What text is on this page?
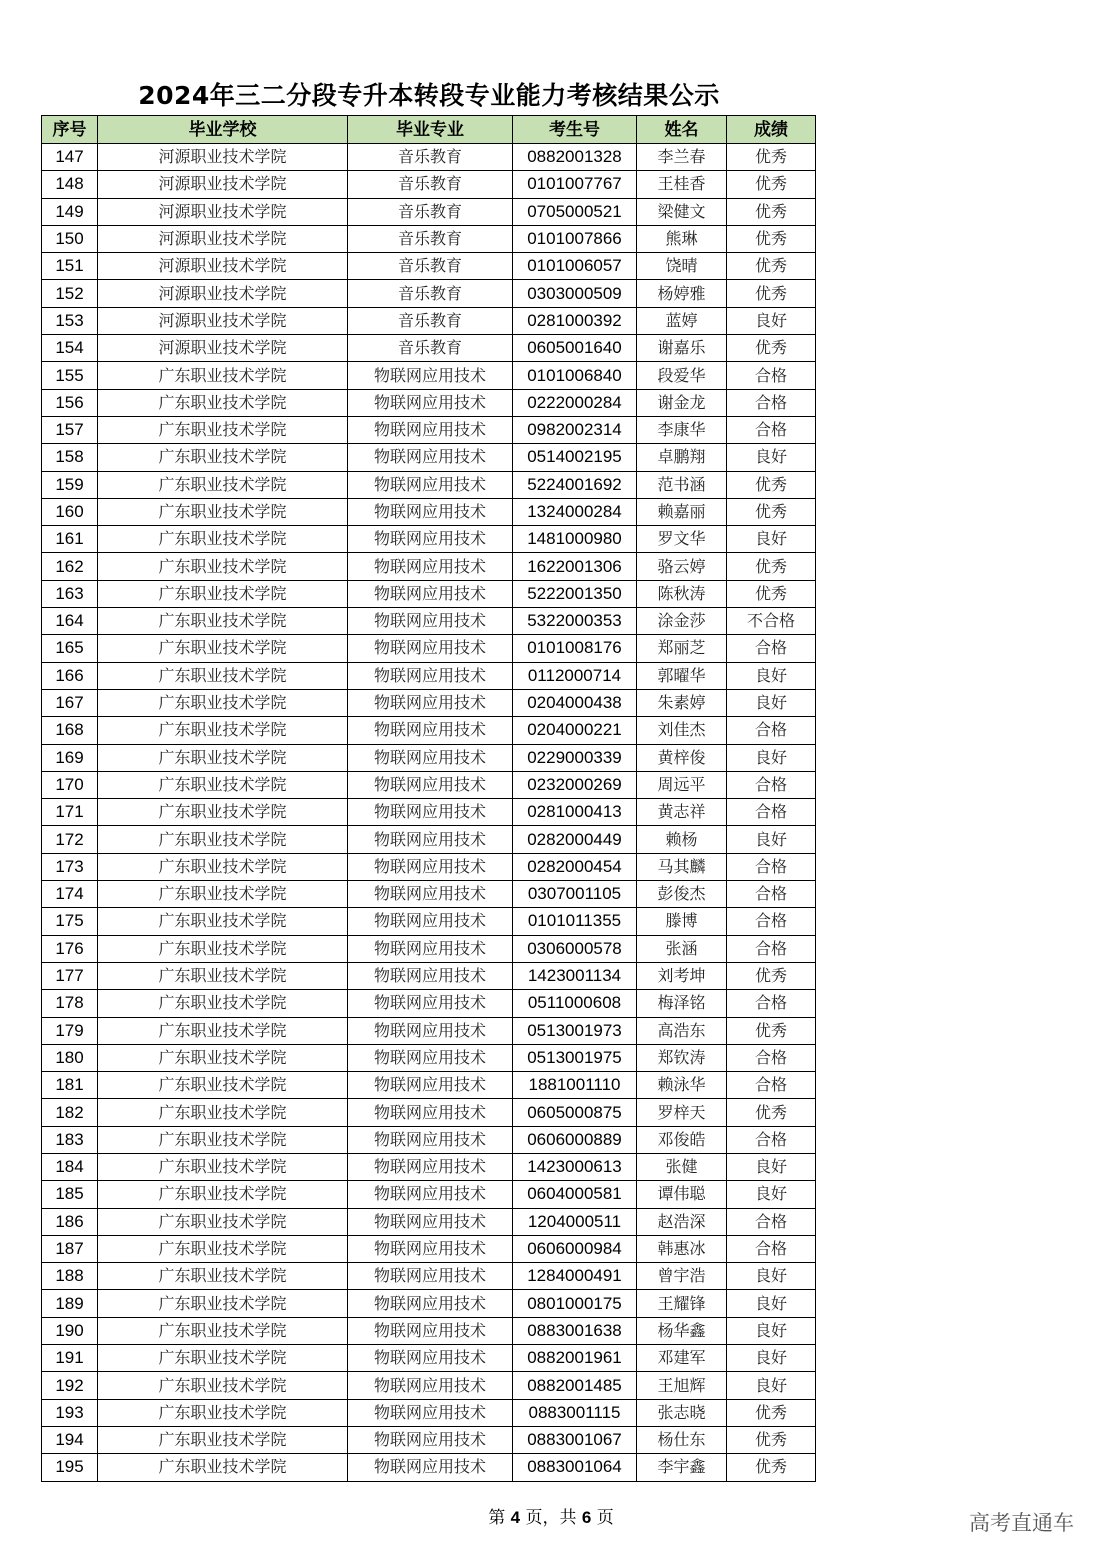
2024年三二分段专升本转段专业能力考核结果公示
序号	毕业学校	毕业专业	考生号	姓名	成绩
147	河源职业技术学院	音乐教育	0882001328	李兰春	优秀
148	河源职业技术学院	音乐教育	0101007767	王桂香	优秀
149	河源职业技术学院	音乐教育	0705000521	梁健文	优秀
150	河源职业技术学院	音乐教育	0101007866	熊琳	优秀
151	河源职业技术学院	音乐教育	0101006057	饶晴	优秀
152	河源职业技术学院	音乐教育	0303000509	杨婷雅	优秀
153	河源职业技术学院	音乐教育	0281000392	蓝婷	良好
154	河源职业技术学院	音乐教育	0605001640	谢嘉乐	优秀
155	广东职业技术学院	物联网应用技术	0101006840	段爱华	合格
156	广东职业技术学院	物联网应用技术	0222000284	谢金龙	合格
157	广东职业技术学院	物联网应用技术	0982002314	李康华	合格
158	广东职业技术学院	物联网应用技术	0514002195	卓鹏翔	良好
159	广东职业技术学院	物联网应用技术	5224001692	范书涵	优秀
160	广东职业技术学院	物联网应用技术	1324000284	赖嘉丽	优秀
161	广东职业技术学院	物联网应用技术	1481000980	罗文华	良好
162	广东职业技术学院	物联网应用技术	1622001306	骆云婷	优秀
163	广东职业技术学院	物联网应用技术	5222001350	陈秋涛	优秀
164	广东职业技术学院	物联网应用技术	5322000353	涂金莎	不合格
165	广东职业技术学院	物联网应用技术	0101008176	郑丽芝	合格
166	广东职业技术学院	物联网应用技术	0112000714	郭曜华	良好
167	广东职业技术学院	物联网应用技术	0204000438	朱素婷	良好
168	广东职业技术学院	物联网应用技术	0204000221	刘佳杰	合格
169	广东职业技术学院	物联网应用技术	0229000339	黄梓俊	良好
170	广东职业技术学院	物联网应用技术	0232000269	周远平	合格
171	广东职业技术学院	物联网应用技术	0281000413	黄志祥	合格
172	广东职业技术学院	物联网应用技术	0282000449	赖杨	良好
173	广东职业技术学院	物联网应用技术	0282000454	马其麟	合格
174	广东职业技术学院	物联网应用技术	0307001105	彭俊杰	合格
175	广东职业技术学院	物联网应用技术	0101011355	滕博	合格
176	广东职业技术学院	物联网应用技术	0306000578	张涵	合格
177	广东职业技术学院	物联网应用技术	1423001134	刘考坤	优秀
178	广东职业技术学院	物联网应用技术	0511000608	梅泽铭	合格
179	广东职业技术学院	物联网应用技术	0513001973	高浩东	优秀
180	广东职业技术学院	物联网应用技术	0513001975	郑钦涛	合格
181	广东职业技术学院	物联网应用技术	1881001110	赖泳华	合格
182	广东职业技术学院	物联网应用技术	0605000875	罗梓天	优秀
183	广东职业技术学院	物联网应用技术	0606000889	邓俊皓	合格
184	广东职业技术学院	物联网应用技术	1423000613	张健	良好
185	广东职业技术学院	物联网应用技术	0604000581	谭伟聪	良好
186	广东职业技术学院	物联网应用技术	1204000511	赵浩深	合格
187	广东职业技术学院	物联网应用技术	0606000984	韩惠冰	合格
188	广东职业技术学院	物联网应用技术	1284000491	曾宇浩	良好
189	广东职业技术学院	物联网应用技术	0801000175	王耀锋	良好
190	广东职业技术学院	物联网应用技术	0883001638	杨华鑫	良好
191	广东职业技术学院	物联网应用技术	0882001961	邓建军	良好
192	广东职业技术学院	物联网应用技术	0882001485	王旭辉	良好
193	广东职业技术学院	物联网应用技术	0883001115	张志晓	优秀
194	广东职业技术学院	物联网应用技术	0883001067	杨仕东	优秀
195	广东职业技术学院	物联网应用技术	0883001064	李宇鑫	优秀
第 4 页，共 6 页	高考直通车
